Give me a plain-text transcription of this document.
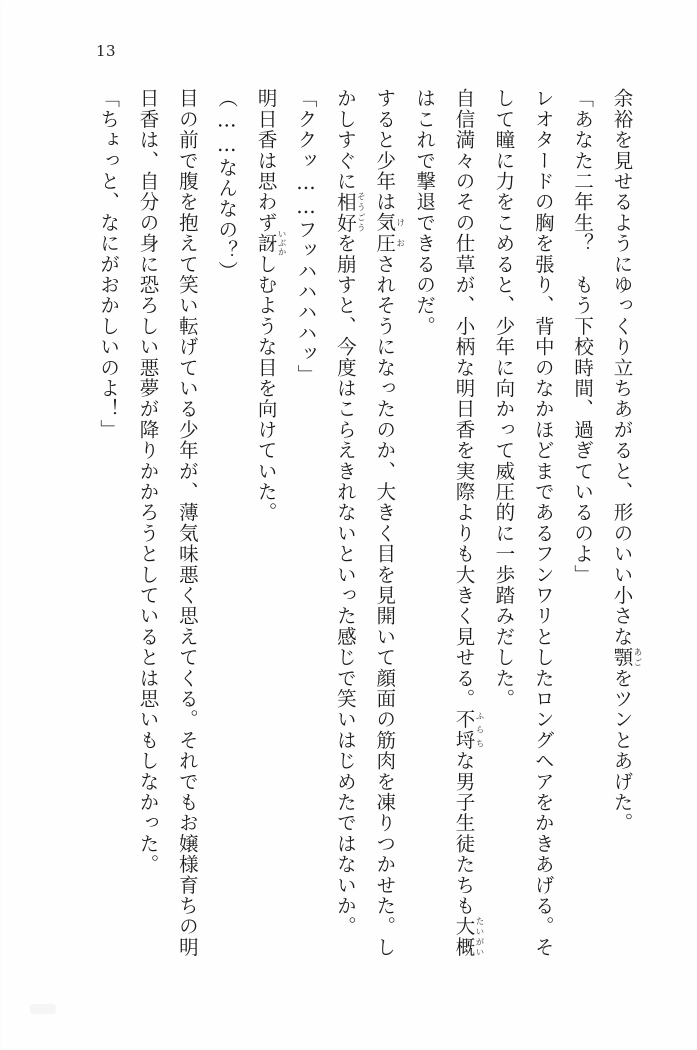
13

余裕を見せるようにゆっくり立ちあがると、形のいい小さな顎あごをツンとあげた。

「あなた二年生？　もう下校時間、過ぎているのよ」

レオタードの胸を張り、背中のなかほどまであるフンワリとしたロングヘアをかきあげる。そして瞳に力をこめると、少年に向かって威圧的に一歩踏みだした。

自信満々のその仕草が、小柄な明日香を実際よりも大きく見せる。不埒ふらちな男子生徒たちも大概たいがいはこれで撃退できるのだ。

すると少年は気圧けおされそうになったのか、大きく目を見開いて顔面の筋肉を凍りつかせた。しかしすぐに相好そうごうを崩すと、今度はこらえきれないといった感じで笑いはじめたではないか。

「ククッ……フッハハハハッ」

明日香は思わず訝いぶかしむような目を向けていた。

（……なんなの？）

目の前で腹を抱えて笑い転げている少年が、薄気味悪く思えてくる。それでもお嬢様育ちの明日香は、自分の身に恐ろしい悪夢が降りかかろうとしているとは思いもしなかった。

「ちょっと、なにがおかしいのよ！」
